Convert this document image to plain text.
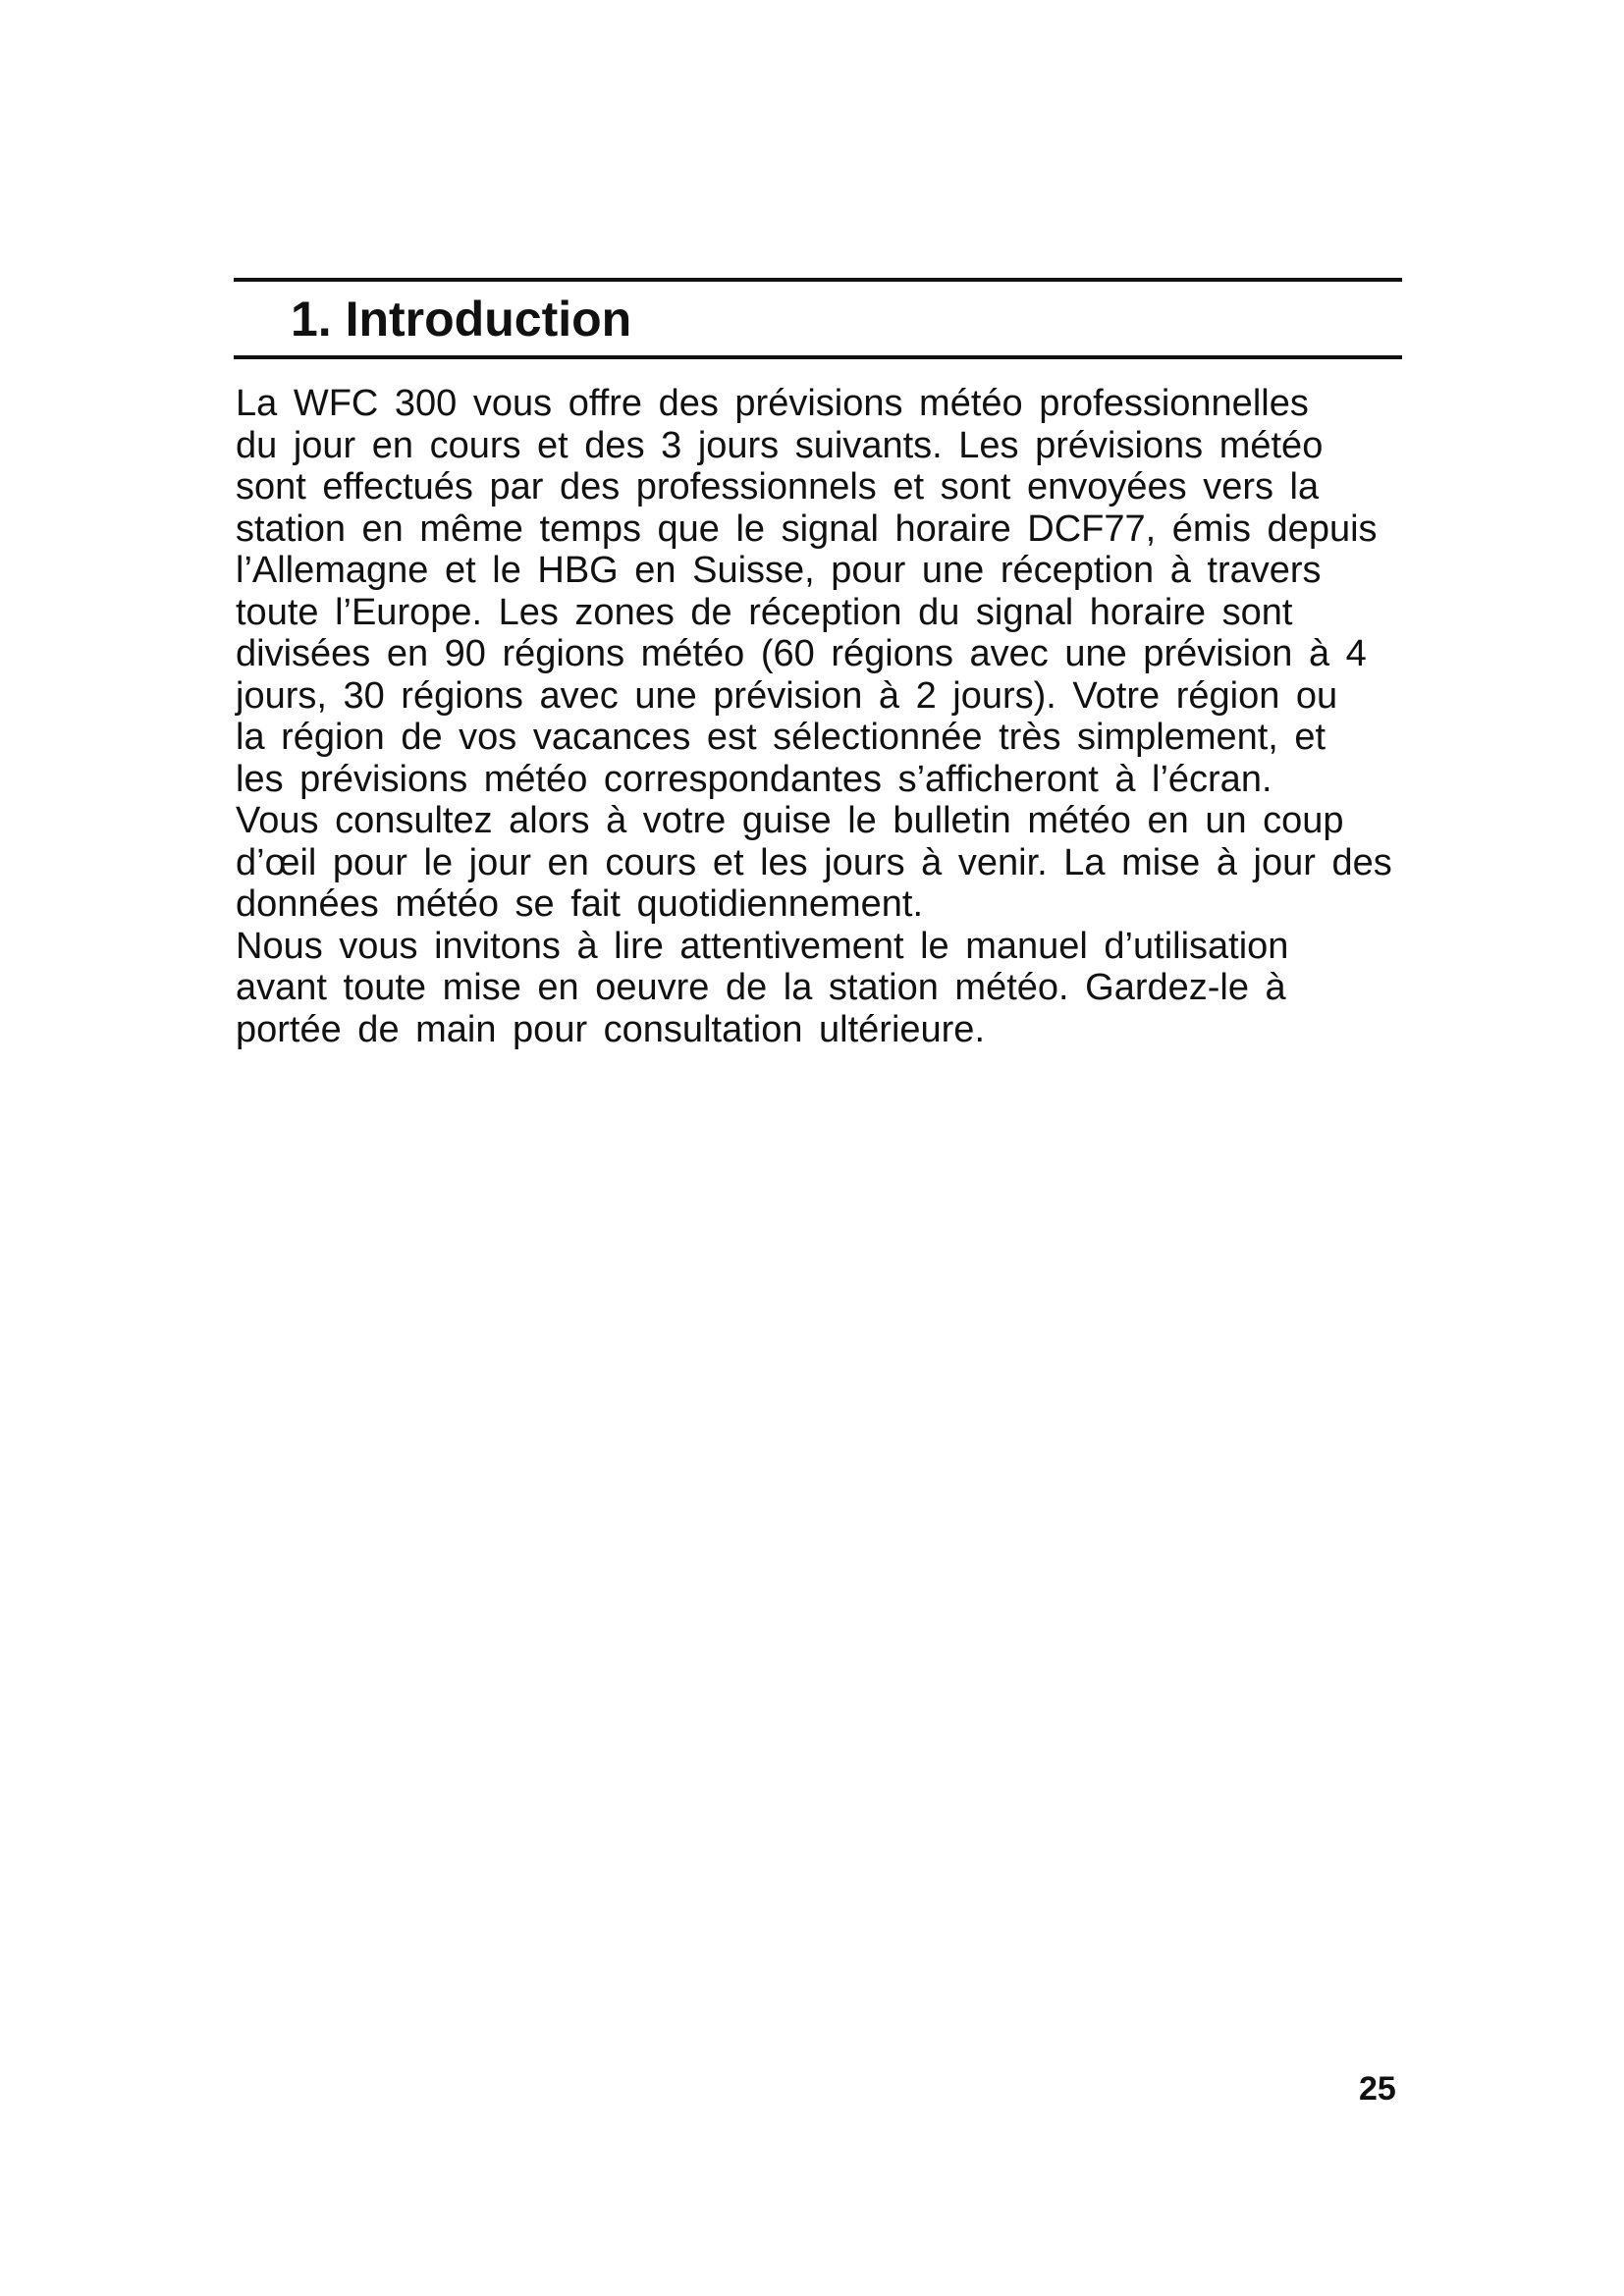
1. Introduction
La WFC 300 vous offre des prévisions météo professionnelles
du jour en cours et des 3 jours suivants. Les prévisions météo
sont effectués par des professionnels et sont envoyées vers la
station en même temps que le signal horaire DCF77, émis depuis
l’Allemagne et le HBG en Suisse, pour une réception à travers
toute l’Europe. Les zones de réception du signal horaire sont
divisées en 90 régions météo (60 régions avec une prévision à 4
jours, 30 régions avec une prévision à 2 jours). Votre région ou
la région de vos vacances est sélectionnée très simplement, et
les prévisions météo correspondantes s’afficheront à l’écran.
Vous consultez alors à votre guise le bulletin météo en un coup
d’œil pour le jour en cours et les jours à venir. La mise à jour des
données météo se fait quotidiennement.
Nous vous invitons à lire attentivement le manuel d’utilisation
avant toute mise en oeuvre de la station météo. Gardez-le à
portée de main pour consultation ultérieure.
25
